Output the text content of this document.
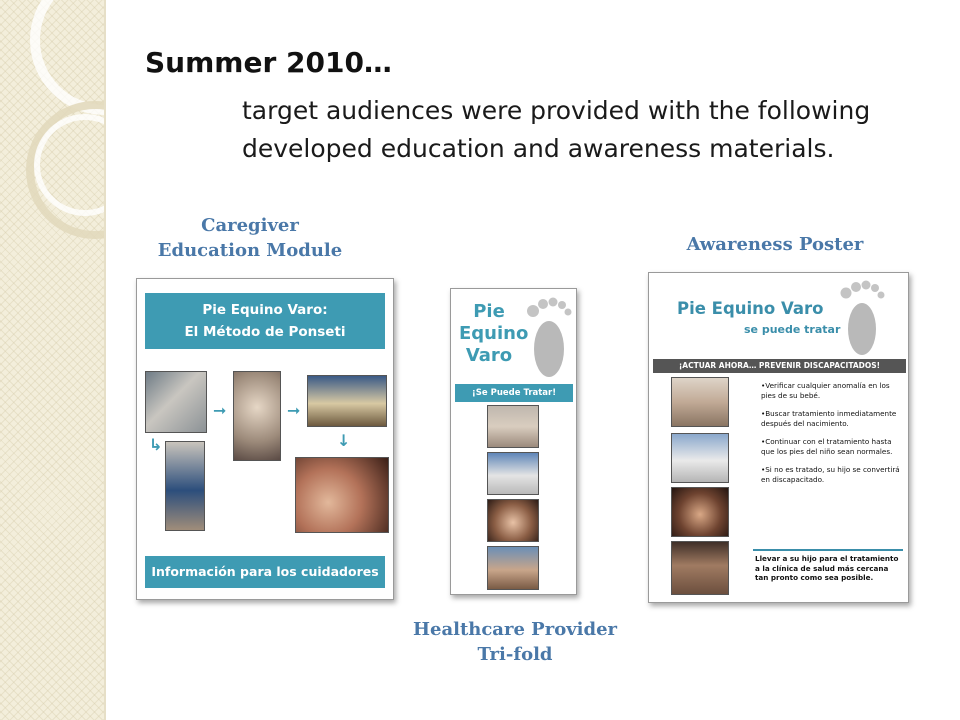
Summer 2010…
target audiences were provided with the following developed education and awareness materials.
Caregiver
Education Module	Awareness Poster
Healthcare Provider
Tri-fold
Pie Equino Varo:
El Método de Ponseti
➞	➞
↳	↓
Información para los cuidadores
Pie
Equino
Varo
¡Se Puede Tratar!
Pie Equino Varo
se puede tratar
¡ACTUAR AHORA… PREVENIR DISCAPACITADOS!
•Verificar cualquier anomalía en los pies de su bebé.
•Buscar tratamiento inmediatamente después del nacimiento.
•Continuar con el tratamiento hasta que los pies del niño sean normales.
•Si no es tratado, su hijo se convertirá en discapacitado.
Llevar a su hijo para el tratamiento a la clínica de salud más cercana tan pronto como sea posible.
